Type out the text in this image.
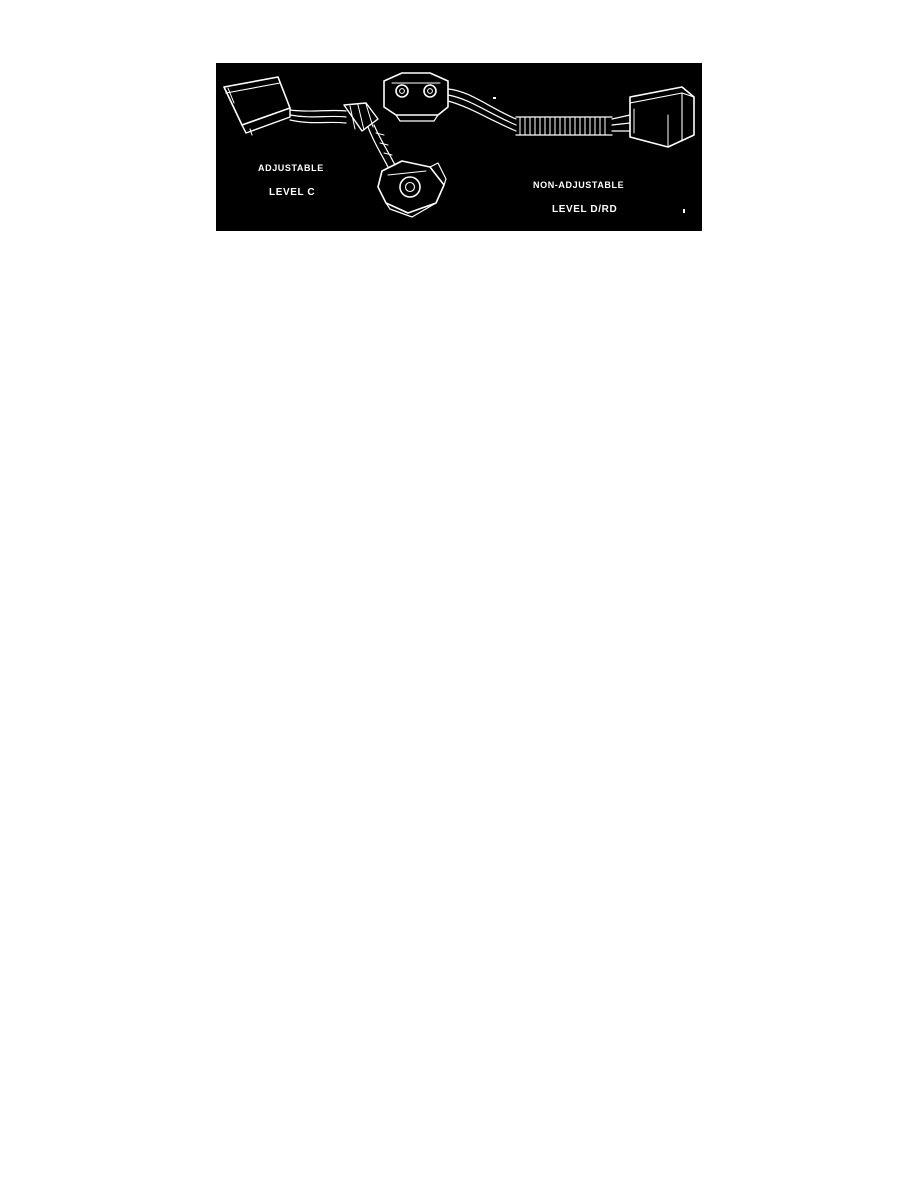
ADJUSTABLE
LEVEL C
NON-ADJUSTABLE
LEVEL D/RD
